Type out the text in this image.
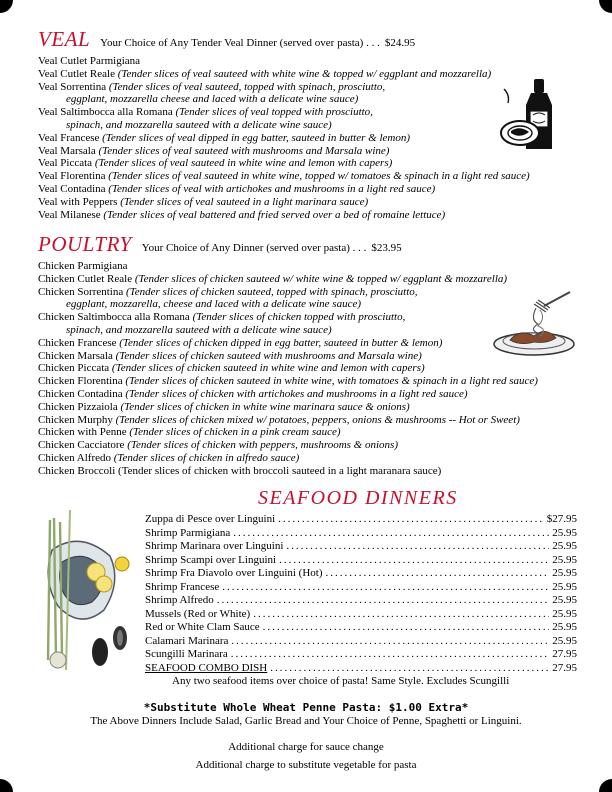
VEAL Your Choice of Any Tender Veal Dinner (served over pasta) . . . $24.95
Veal Cutlet Parmigiana
Veal Cutlet Reale (Tender slices of veal sauteed with white wine & topped w/ eggplant and mozzarella)
Veal Sorrentina (Tender slices of veal sauteed, topped with spinach, prosciutto,
eggplant, mozzarella cheese and laced with a delicate wine sauce)
Veal Saltimbocca alla Romana (Tender slices of veal topped with prosciutto,
spinach, and mozzarella sauteed with a delicate wine sauce)
Veal Francese (Tender slices of veal dipped in egg batter, sauteed in butter & lemon)
Veal Marsala (Tender slices of veal sauteed with mushrooms and Marsala wine)
Veal Piccata (Tender slices of veal sauteed in white wine and lemon with capers)
Veal Florentina (Tender slices of veal sauteed in white wine, topped w/ tomatoes & spinach in a light red sauce)
Veal Contadina (Tender slices of veal with artichokes and mushrooms in a light red sauce)
Veal with Peppers (Tender slices of veal sauteed in a light marinara sauce)
Veal Milanese (Tender slices of veal battered and fried served over a bed of romaine lettuce)
POULTRY Your Choice of Any Dinner (served over pasta) . . . $23.95
Chicken Parmigiana
Chicken Cutlet Reale (Tender slices of chicken sauteed w/ white wine & topped w/ eggplant & mozzarella)
Chicken Sorrentina (Tender slices of chicken sauteed, topped with spinach, prosciutto,
eggplant, mozzarella, cheese and laced with a delicate wine sauce)
Chicken Saltimbocca alla Romana (Tender slices of chicken topped with prosciutto,
spinach, and mozzarella sauteed with a delicate wine sauce)
Chicken Francese (Tender slices of chicken dipped in egg batter, sauteed in butter & lemon)
Chicken Marsala (Tender slices of chicken sauteed with mushrooms and Marsala wine)
Chicken Piccata (Tender slices of chicken sauteed in white wine and lemon with capers)
Chicken Florentina (Tender slices of chicken sauteed in white wine, with tomatoes & spinach in a light red sauce)
Chicken Contadina (Tender slices of chicken with artichokes and mushrooms in a light red sauce)
Chicken Pizzaiola (Tender slices of chicken in white wine marinara sauce & onions)
Chicken Murphy (Tender slices of chicken mixed w/ potatoes, peppers, onions & mushrooms -- Hot or Sweet)
Chicken with Penne (Tender slices of chicken in a pink cream sauce)
Chicken Cacciatore (Tender slices of chicken with peppers, mushrooms & onions)
Chicken Alfredo (Tender slices of chicken in alfredo sauce)
Chicken Broccoli (Tender slices of chicken with broccoli sauteed in a light maranara sauce)
SEAFOOD DINNERS
Zuppa di Pesce over Linguini .....	$27.95
Shrimp Parmigiana .....	25.95
Shrimp Marinara over Linguini .....	25.95
Shrimp Scampi over Linguini .....	25.95
Shrimp Fra Diavolo over Linguini (Hot) .....	25.95
Shrimp Francese .....	25.95
Shrimp Alfredo .....	25.95
Mussels (Red or White) .....	25.95
Red or White Clam Sauce .....	25.95
Calamari Marinara .....	25.95
Scungilli Marinara .....	27.95
SEAFOOD COMBO DISH .....	27.95
Any two seafood items over choice of pasta! Same Style. Excludes Scungilli
*Substitute Whole Wheat Penne Pasta: $1.00 Extra*
The Above Dinners Include Salad, Garlic Bread and Your Choice of Penne, Spaghetti or Linguini.
Additional charge for sauce change
Additional charge to substitute vegetable for pasta
